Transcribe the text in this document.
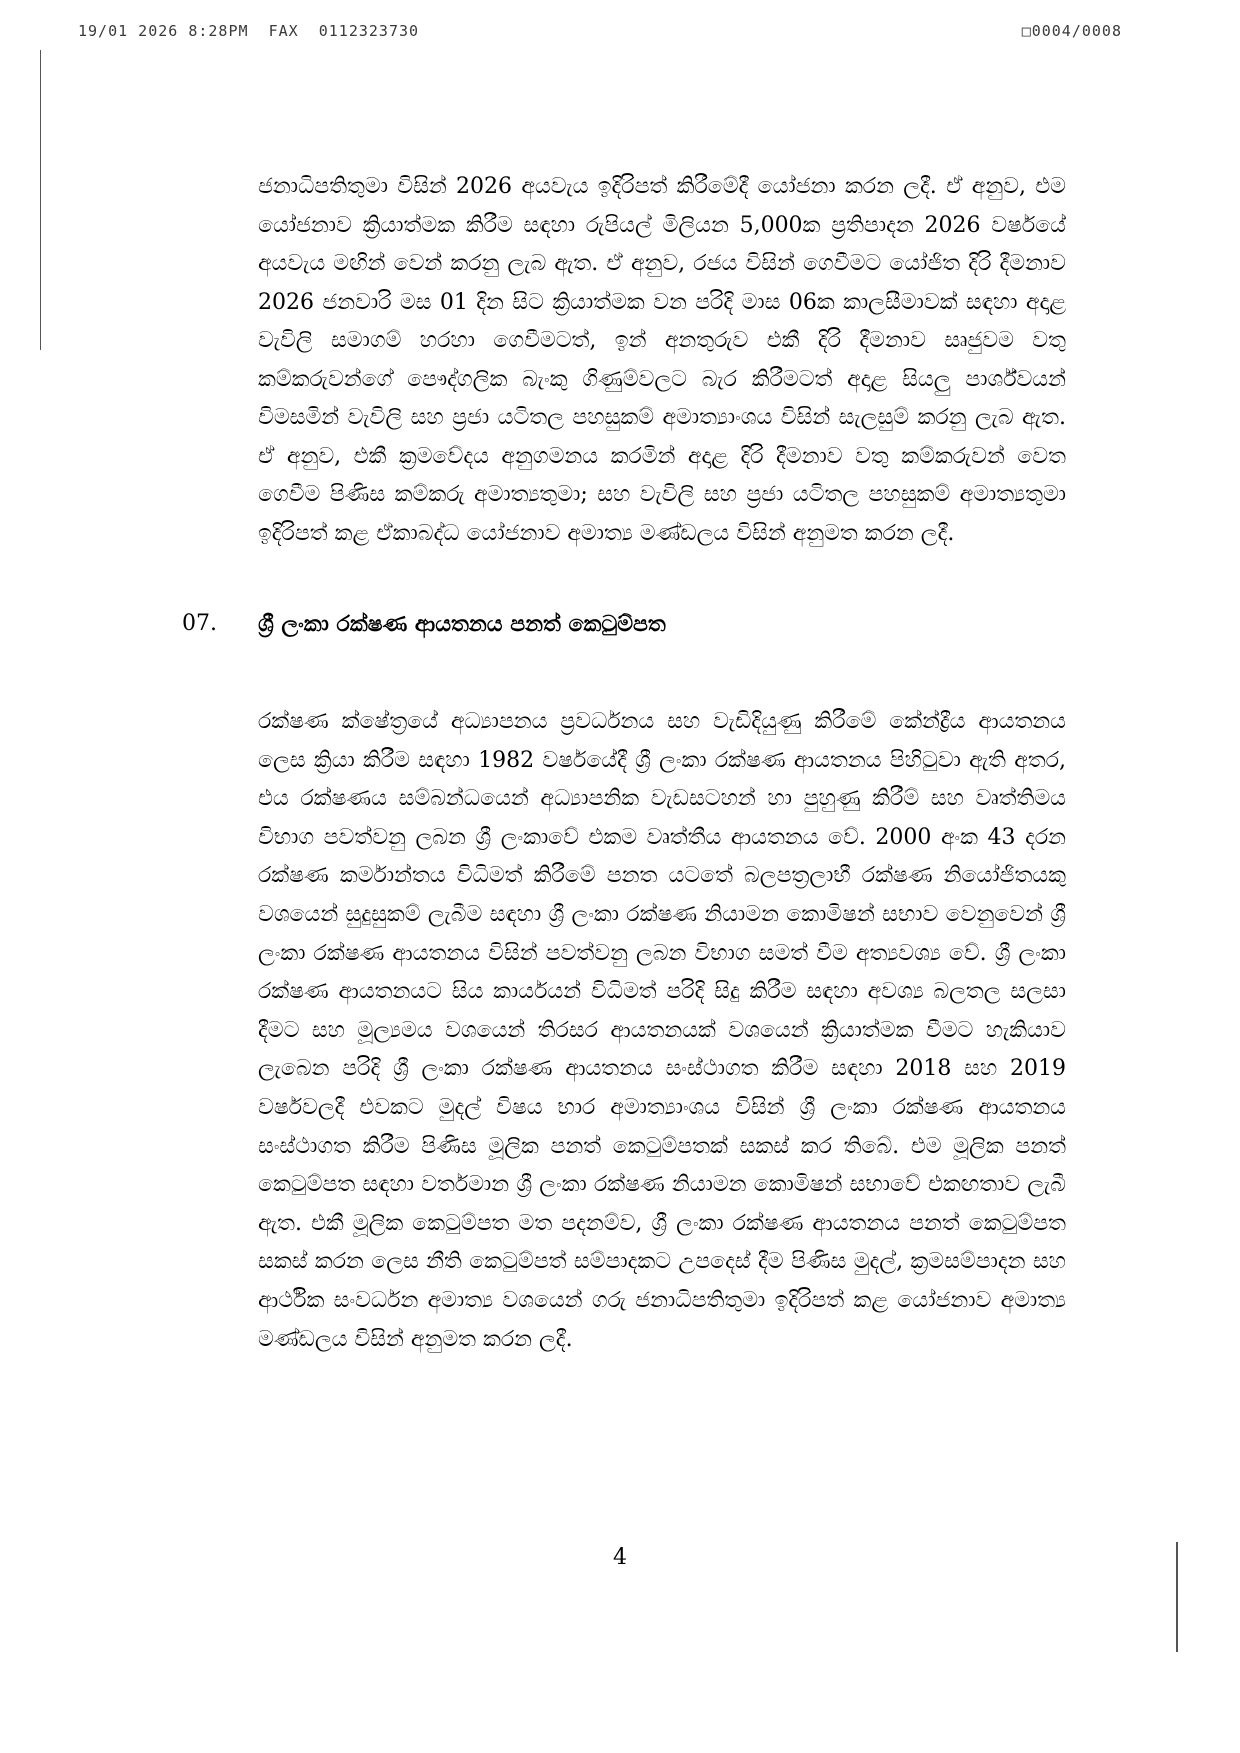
19/01 2026 8:28PM  FAX  0112323730	□0004/0008

ජනාධිපතිතුමා විසින් 2026 අයවැය ඉදිරිපත් කිරීමේදී යෝජනා කරන ලදී. ඒ අනුව, එම යෝජනාව ක්‍රියාත්මක කිරීම සඳහා රුපියල් මිලියන 5,000ක ප්‍රතිපාදන 2026 වර්ෂයේ අයවැය මඟින් වෙන් කරනු ලැබ ඇත. ඒ අනුව, රජය විසින් ගෙවීමට යෝජිත දිරි දීමනාව 2026 ජනවාරි මස 01 දින සිට ක්‍රියාත්මක වන පරිදි මාස 06ක කාලසීමාවක් සඳහා අදාළ වැවිලි සමාගම් හරහා ගෙවීමටත්, ඉන් අනතුරුව එකී දිරි දීමනාව සෘජුවම වතු කම්කරුවන්ගේ පෞද්ගලික බැංකු ගිණුම්වලට බැර කිරීමටත් අදාළ සියලු පාර්ශ්වයන් විමසමින් වැවිලි සහ ප්‍රජා යටිතල පහසුකම් අමාත්‍යාංශය විසින් සැලසුම් කරනු ලැබ ඇත. ඒ අනුව, එකී ක්‍රමවේදය අනුගමනය කරමින් අදාළ දිරි දීමනාව වතු කම්කරුවන් වෙත ගෙවීම පිණිස කම්කරු අමාත්‍යතුමා; සහ වැවිලි සහ ප්‍රජා යටිතල පහසුකම් අමාත්‍යතුමා ඉදිරිපත් කළ ඒකාබද්ධ යෝජනාව අමාත්‍ය මණ්ඩලය විසින් අනුමත කරන ලදී.

07. ශ්‍රී ලංකා රක්ෂණ ආයතනය පනත් කෙටුම්පත

රක්ෂණ ක්ෂේත්‍රයේ අධ්‍යාපනය ප්‍රවර්ධනය සහ වැඩිදියුණු කිරීමේ කේන්ද්‍රීය ආයතනය ලෙස ක්‍රියා කිරීම සඳහා 1982 වර්ෂයේදී ශ්‍රී ලංකා රක්ෂණ ආයතනය පිහිටුවා ඇති අතර, එය රක්ෂණය සම්බන්ධයෙන් අධ්‍යාපනික වැඩසටහන් හා පුහුණු කිරීම් සහ වෘත්තිමය විභාග පවත්වනු ලබන ශ්‍රී ලංකාවේ එකම වෘත්තීය ආයතනය වේ. 2000 අංක 43 දරන රක්ෂණ කර්මාන්තය විධිමත් කිරීමේ පනත යටතේ බලපත්‍රලාභී රක්ෂණ නියෝජිතයකු වශයෙන් සුදුසුකම් ලැබීම සඳහා ශ්‍රී ලංකා රක්ෂණ නියාමන කොමිෂන් සභාව වෙනුවෙන් ශ්‍රී ලංකා රක්ෂණ ආයතනය විසින් පවත්වනු ලබන විභාග සමත් වීම අත්‍යවශ්‍ය වේ. ශ්‍රී ලංකා රක්ෂණ ආයතනයට සිය කාර්යයන් විධිමත් පරිදි සිදු කිරීම සඳහා අවශ්‍ය බලතල සලසා දීමට සහ මූල්‍යමය වශයෙන් තිරසර ආයතනයක් වශයෙන් ක්‍රියාත්මක වීමට හැකියාව ලැබෙන පරිදි ශ්‍රී ලංකා රක්ෂණ ආයතනය සංස්ථාගත කිරීම සඳහා 2018 සහ 2019 වර්ෂවලදී එවකට මුදල් විෂය භාර අමාත්‍යාංශය විසින් ශ්‍රී ලංකා රක්ෂණ ආයතනය සංස්ථාගත කිරීම පිණිස මූලික පනත් කෙටුම්පතක් සකස් කර තිබේ. එම මූලික පනත් කෙටුම්පත සඳහා වර්තමාන ශ්‍රී ලංකා රක්ෂණ නියාමන කොමිෂන් සභාවේ එකඟතාව ලැබී ඇත. එකී මූලික කෙටුම්පත මත පදනම්ව, ශ්‍රී ලංකා රක්ෂණ ආයතනය පනත් කෙටුම්පත සකස් කරන ලෙස නීති කෙටුම්පත් සම්පාදකට උපදෙස් දීම පිණිස මුදල්, ක්‍රමසම්පාදන සහ ආර්ථික සංවර්ධන අමාත්‍ය වශයෙන් ගරු ජනාධිපතිතුමා ඉදිරිපත් කළ යෝජනාව අමාත්‍ය මණ්ඩලය විසින් අනුමත කරන ලදී.

4
